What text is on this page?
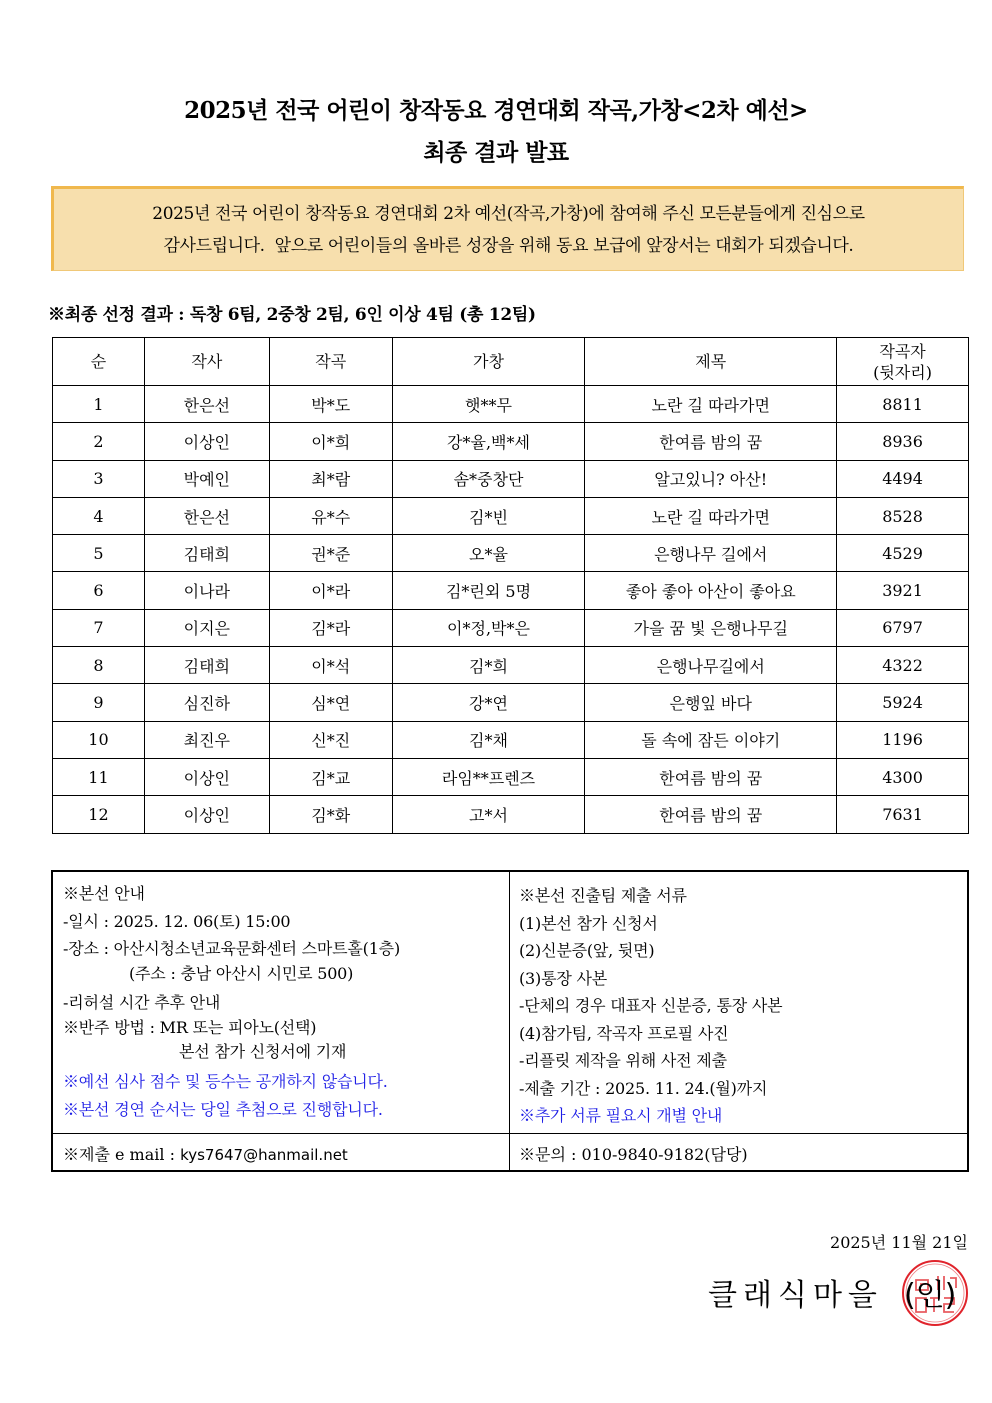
2025년 전국 어린이 창작동요 경연대회 작곡,가창<2차 예선>
최종 결과 발표
2025년 전국 어린이 창작동요 경연대회 2차 예선(작곡,가창)에 참여해 주신 모든분들에게 진심으로
감사드립니다.  앞으로 어린이들의 올바른 성장을 위해 동요 보급에 앞장서는 대회가 되겠습니다.
※최종 선정 결과 : 독창 6팀, 2중창 2팀, 6인 이상 4팀 (총 12팀)
순	작사	작곡	가창	제목	작곡자
(뒷자리)

1	한은선	박*도	햇**무	노란 길 따라가면	8811
2	이상인	이*희	강*율,백*세	한여름 밤의 꿈	8936
3	박예인	최*람	솜*중창단	알고있니? 아산!	4494
4	한은선	유*수	김*빈	노란 길 따라가면	8528
5	김태희	권*준	오*율	은행나무 길에서	4529
6	이나라	이*라	김*린외 5명	좋아 좋아 아산이 좋아요	3921
7	이지은	김*라	이*정,박*은	가을 꿈 빛 은행나무길	6797
8	김태희	이*석	김*희	은행나무길에서	4322
9	심진하	심*연	강*연	은행잎 바다	5924
10	최진우	신*진	김*채	돌 속에 잠든 이야기	1196
11	이상인	김*교	라임**프렌즈	한여름 밤의 꿈	4300
12	이상인	김*화	고*서	한여름 밤의 꿈	7631
※본선 안내
-일시 : 2025. 12. 06(토) 15:00
-장소 : 아산시청소년교육문화센터 스마트홀(1층)
(주소 : 충남 아산시 시민로 500)
-리허설 시간 추후 안내
※반주 방법 : MR 또는 피아노(선택)
본선 참가 신청서에 기재
※예선 심사 점수 및 등수는 공개하지 않습니다.
※본선 경연 순서는 당일 추첨으로 진행합니다.
※본선 진출팀 제출 서류
(1)본선 참가 신청서
(2)신분증(앞, 뒷면)
(3)통장 사본
-단체의 경우 대표자 신분증, 통장 사본
(4)참가팀, 작곡자 프로필 사진
-리플릿 제작을 위해 사전 제출
-제출 기간 : 2025. 11. 24.(월)까지
※추가 서류 필요시 개별 안내
※제출 e mail : kys7647@hanmail.net	※문의 : 010-9840-9182(담당)
2025년 11월 21일
클래식마을 (인)
